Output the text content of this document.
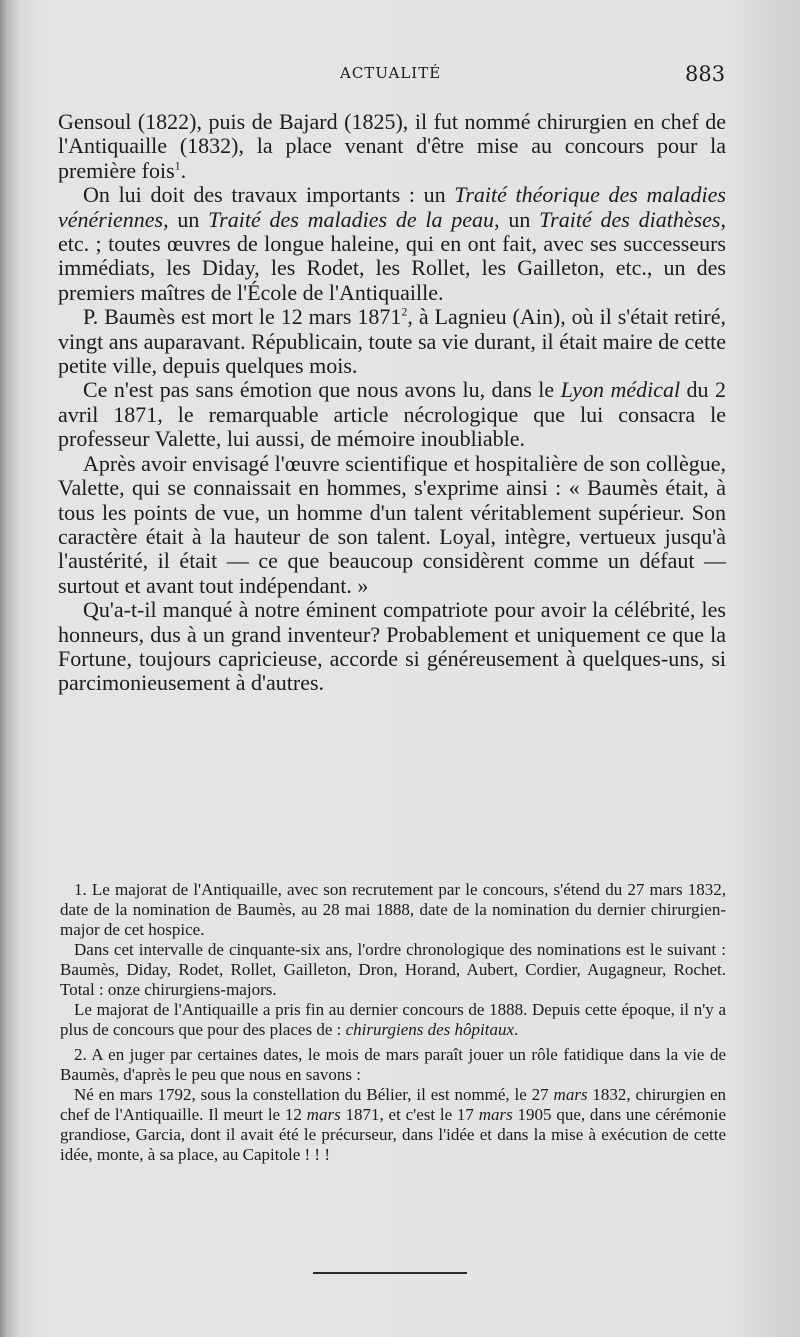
ACTUALITÉ	883

Gensoul (1822), puis de Bajard (1825), il fut nommé chirurgien en chef de l'Antiquaille (1832), la place venant d'être mise au concours pour la première fois$^1$.

On lui doit des travaux importants : un Traité théorique des maladies vénériennes, un Traité des maladies de la peau, un Traité des diathèses, etc. ; toutes œuvres de longue haleine, qui en ont fait, avec ses successeurs immédiats, les Diday, les Rodet, les Rollet, les Gailleton, etc., un des premiers maîtres de l'École de l'Antiquaille.

P. Baumès est mort le 12 mars 1871$^2$, à Lagnieu (Ain), où il s'était retiré, vingt ans auparavant. Républicain, toute sa vie durant, il était maire de cette petite ville, depuis quelques mois.

Ce n'est pas sans émotion que nous avons lu, dans le Lyon médical du 2 avril 1871, le remarquable article nécrologique que lui consacra le professeur Valette, lui aussi, de mémoire inoubliable.

Après avoir envisagé l'œuvre scientifique et hospitalière de son collègue, Valette, qui se connaissait en hommes, s'exprime ainsi : « Baumès était, à tous les points de vue, un homme d'un talent véritablement supérieur. Son caractère était à la hauteur de son talent. Loyal, intègre, vertueux jusqu'à l'austérité, il était — ce que beaucoup considèrent comme un défaut — surtout et avant tout indépendant. »

Qu'a-t-il manqué à notre éminent compatriote pour avoir la célébrité, les honneurs, dus à un grand inventeur? Probablement et uniquement ce que la Fortune, toujours capricieuse, accorde si généreusement à quelques-uns, si parcimonieusement à d'autres.

1. Le majorat de l'Antiquaille, avec son recrutement par le concours, s'étend du 27 mars 1832, date de la nomination de Baumès, au 28 mai 1888, date de la nomination du dernier chirurgien-major de cet hospice.

Dans cet intervalle de cinquante-six ans, l'ordre chronologique des nominations est le suivant : Baumès, Diday, Rodet, Rollet, Gailleton, Dron, Horand, Aubert, Cordier, Augagneur, Rochet. Total : onze chirurgiens-majors.

Le majorat de l'Antiquaille a pris fin au dernier concours de 1888. Depuis cette époque, il n'y a plus de concours que pour des places de : chirurgiens des hôpitaux.

2. A en juger par certaines dates, le mois de mars paraît jouer un rôle fatidique dans la vie de Baumès, d'après le peu que nous en savons :

Né en mars 1792, sous la constellation du Bélier, il est nommé, le 27 mars 1832, chirurgien en chef de l'Antiquaille. Il meurt le 12 mars 1871, et c'est le 17 mars 1905 que, dans une cérémonie grandiose, Garcia, dont il avait été le précurseur, dans l'idée et dans la mise à exécution de cette idée, monte, à sa place, au Capitole ! ! !
